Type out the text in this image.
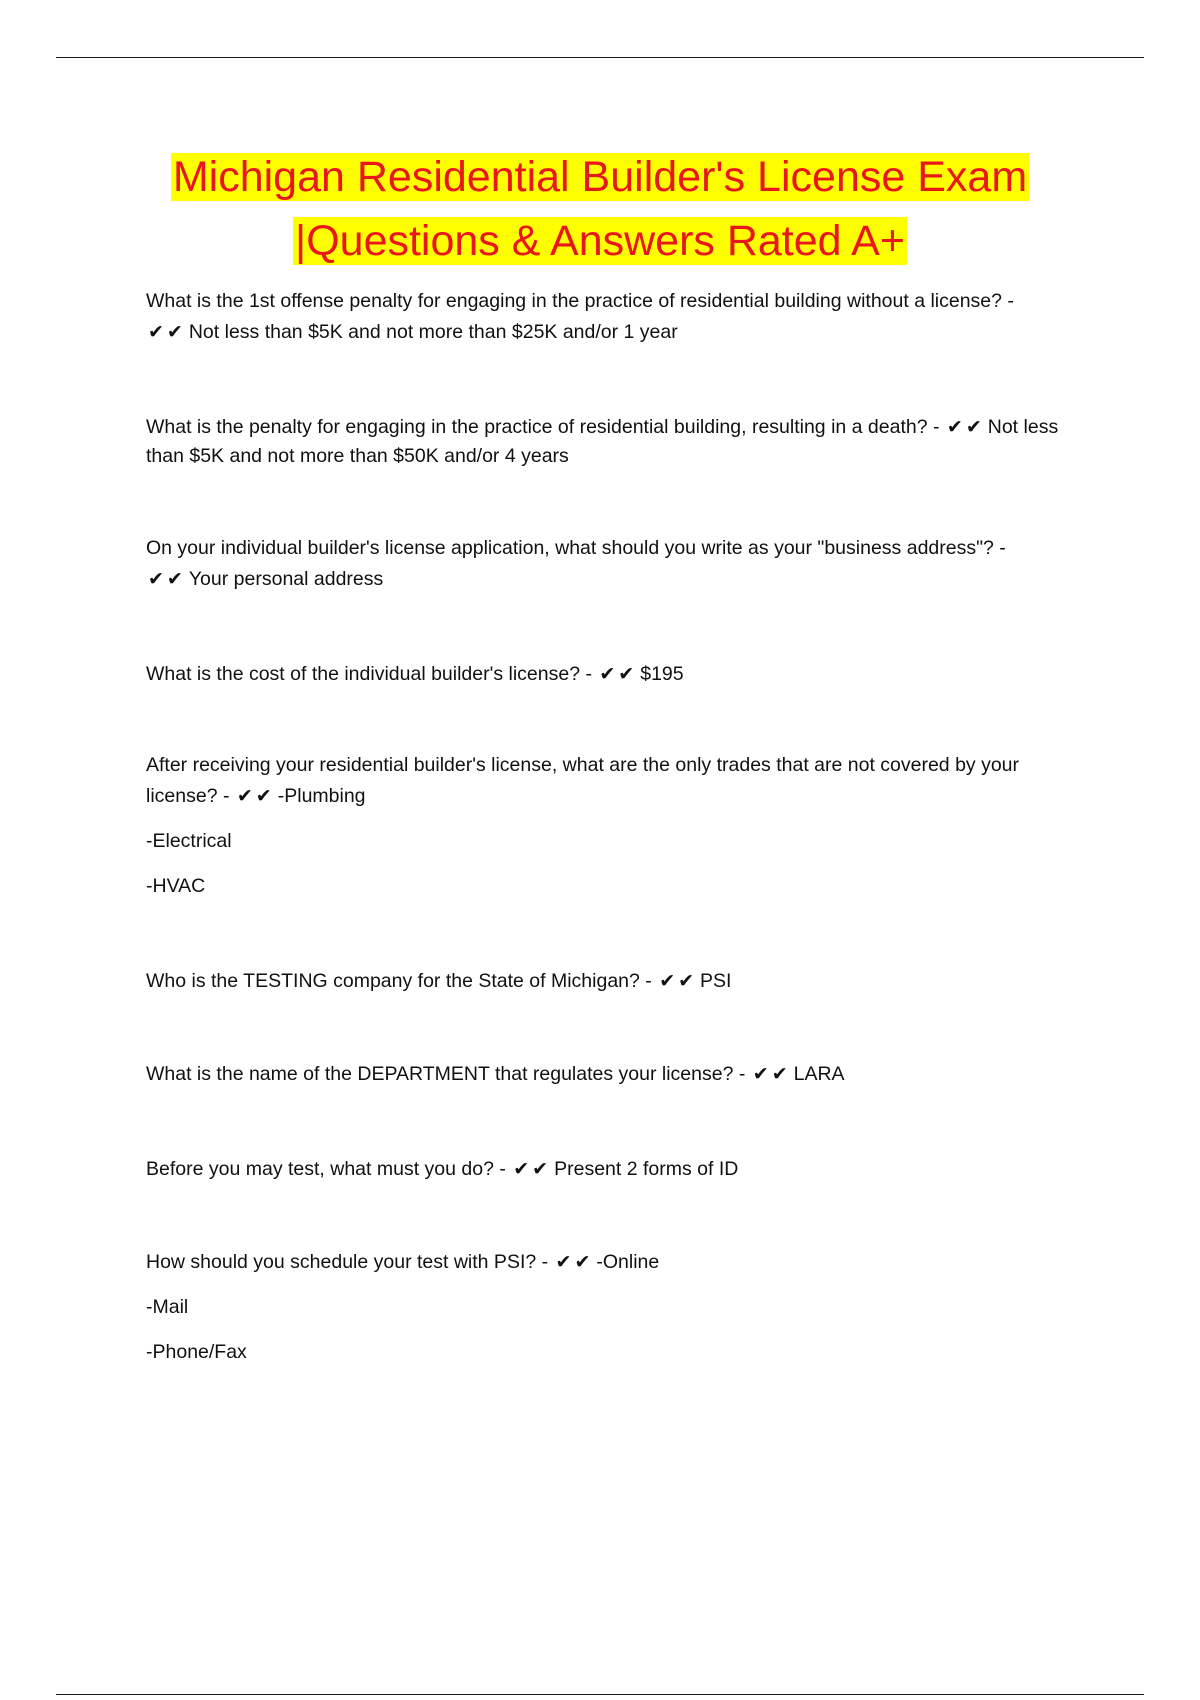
Michigan Residential Builder's License Exam
|Questions & Answers Rated A+

What is the 1st offense penalty for engaging in the practice of residential building without a license? - ✔✔ Not less than $5K and not more than $25K and/or 1 year

What is the penalty for engaging in the practice of residential building, resulting in a death? - ✔✔ Not less than $5K and not more than $50K and/or 4 years

On your individual builder's license application, what should you write as your "business address"? - ✔✔ Your personal address

What is the cost of the individual builder's license? - ✔✔ $195

After receiving your residential builder's license, what are the only trades that are not covered by your license? - ✔✔ -Plumbing

-Electrical

-HVAC

Who is the TESTING company for the State of Michigan? - ✔✔ PSI

What is the name of the DEPARTMENT that regulates your license? - ✔✔ LARA

Before you may test, what must you do? - ✔✔ Present 2 forms of ID

How should you schedule your test with PSI? - ✔✔ -Online

-Mail

-Phone/Fax
